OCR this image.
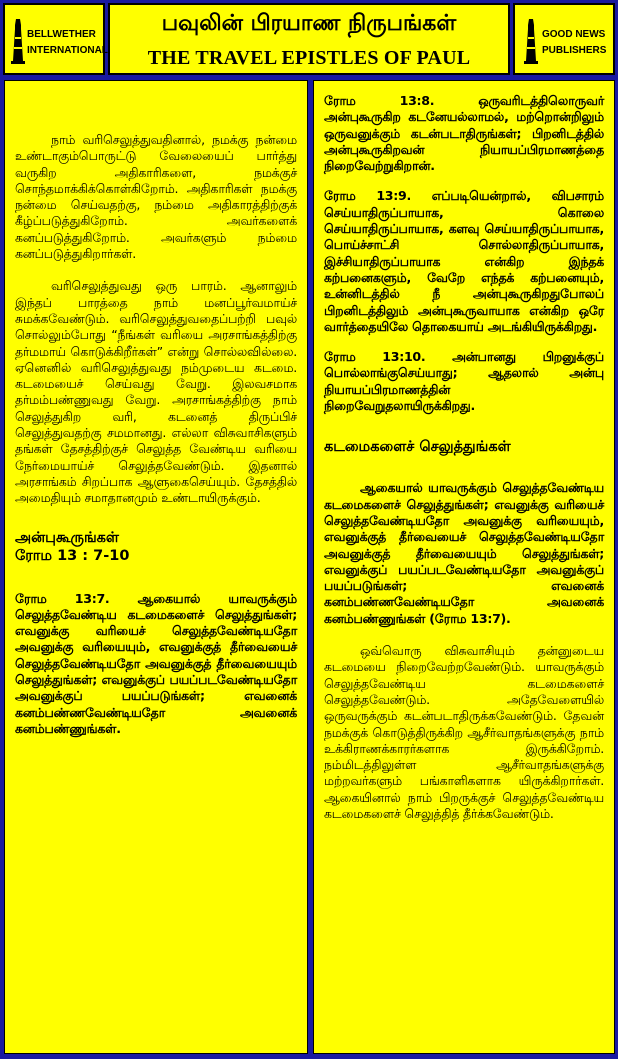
BELLWETHER
INTERNATIONAL
பவுலின் பிரயாண நிருபங்கள்
THE TRAVEL EPISTLES OF PAUL
GOOD NEWS
PUBLISHERS

நாம் வரிசெலுத்துவதினால், நமக்கு நன்மை உண்டாகும்பொருட்டு வேலையைப் பார்த்து வருகிற அதிகாரிகளை, நமக்குச் சொந்தமாக்கிக்கொள்கிறோம். அதிகாரிகள் நமக்கு நன்மை செய்வதற்கு, நம்மை அதிகாரத்திற்குக் கீழ்ப்படுத்துகிறோம். அவர்களைக் கனப்படுத்துகிறோம். அவர்களும் நம்மை கனப்படுத்துகிறார்கள்.

வரிசெலுத்துவது ஒரு பாரம். ஆனாலும் இந்தப் பாரத்தை நாம் மனப்பூர்வமாய்ச் சுமக்கவேண்டும். வரிசெலுத்துவதைப்பற்றி பவுல் சொல்லும்போது “நீங்கள் வரியை அரசாங்கத்திற்கு தர்மமாய் கொடுக்கிறீர்கள்” என்று சொல்லவில்லை. ஏனெனில் வரிசெலுத்துவது நம்முடைய கடமை. கடமையைச் செய்வது வேறு. இலவசமாக தர்மம்பண்ணுவது வேறு. அரசாங்கத்திற்கு நாம் செலுத்துகிற வரி, கடனைத் திருப்பிச் செலுத்துவதற்கு சமமானது. எல்லா விசுவாசிகளும் தங்கள் தேசத்திற்குச் செலுத்த வேண்டிய வரியை நேர்மையாய்ச் செலுத்தவேண்டும். இதனால் அரசாங்கம் சிறப்பாக ஆளுகைசெய்யும். தேசத்தில் அமைதியும் சமாதானமும் உண்டாயிருக்கும்.

அன்புகூருங்கள்
ரோம 13 : 7-10

ரோம 13:7. ஆகையால் யாவருக்கும் செலுத்தவேண்டிய கடமைகளைச் செலுத்துங்கள்; எவனுக்கு வரியைச் செலுத்தவேண்டியதோ அவனுக்கு வரியையும், எவனுக்குத் தீர்வையைச் செலுத்தவேண்டியதோ அவனுக்குத் தீர்வையையும் செலுத்துங்கள்; எவனுக்குப் பயப்படவேண்டியதோ அவனுக்குப் பயப்படுங்கள்; எவனைக் கனம்பண்ணவேண்டியதோ அவனைக் கனம்பண்ணுங்கள்.

ரோம 13:8. ஒருவரிடத்திலொருவர் அன்புகூருகிற கடனேயல்லாமல், மற்றொன்றிலும் ஒருவனுக்கும் கடன்படாதிருங்கள்; பிறனிடத்தில் அன்புகூருகிறவன் நியாயப்பிரமாணத்தை நிறைவேற்றுகிறான்.

ரோம 13:9. எப்படியென்றால், விபசாரம் செய்யாதிருப்பாயாக, கொலை செய்யாதிருப்பாயாக, களவு செய்யாதிருப்பாயாக, பொய்ச்சாட்சி சொல்லாதிருப்பாயாக, இச்சியாதிருப்பாயாக என்கிற இந்தக் கற்பனைகளும், வேறே எந்தக் கற்பனையும், உன்னிடத்தில் நீ அன்புகூருகிறதுபோலப் பிறனிடத்திலும் அன்புகூருவாயாக என்கிற ஒரே வார்த்தையிலே தொகையாய் அடங்கியிருக்கிறது.

ரோம 13:10. அன்பானது பிறனுக்குப் பொல்லாங்குசெய்யாது; ஆதலால் அன்பு நியாயப்பிரமாணத்தின் நிறைவேறுதலாயிருக்கிறது.

கடமைகளைச் செலுத்துங்கள்

ஆகையால் யாவருக்கும் செலுத்தவேண்டிய கடமைகளைச் செலுத்துங்கள்; எவனுக்கு வரியைச் செலுத்தவேண்டியதோ அவனுக்கு வரியையும், எவனுக்குத் தீர்வையைச் செலுத்தவேண்டியதோ அவனுக்குத் தீர்வையையும் செலுத்துங்கள்; எவனுக்குப் பயப்படவேண்டியதோ அவனுக்குப் பயப்படுங்கள்; எவனைக் கனம்பண்ணவேண்டியதோ அவனைக் கனம்பண்ணுங்கள் (ரோம 13:7).

ஒவ்வொரு விசுவாசியும் தன்னுடைய கடமையை நிறைவேற்றவேண்டும். யாவருக்கும் செலுத்தவேண்டிய கடமைகளைச் செலுத்தவேண்டும். அதேவேளையில் ஒருவருக்கும் கடன்படாதிருக்கவேண்டும். தேவன் நமக்குக் கொடுத்திருக்கிற ஆசீர்வாதங்களுக்கு நாம் உக்கிராணக்காரர்களாக இருக்கிறோம். நம்மிடத்திலுள்ள ஆசீர்வாதங்களுக்கு மற்றவர்களும் பங்காளிகளாக யிருக்கிறார்கள். ஆகையினால் நாம் பிறருக்குச் செலுத்தவேண்டிய கடமைகளைச் செலுத்தித் தீர்க்கவேண்டும்.
